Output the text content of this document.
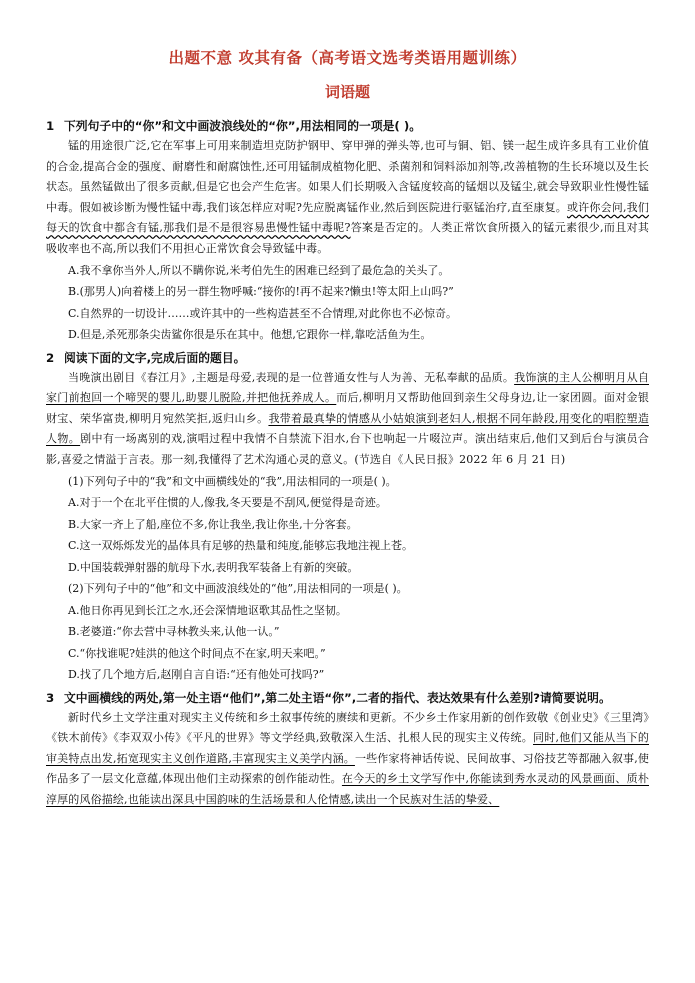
出题不意 攻其有备（高考语文选考类语用题训练）
词语题
1 下列句子中的“你”和文中画波浪线处的“你”,用法相同的一项是( )。
锰的用途很广泛,它在军事上可用来制造坦克防护钢甲、穿甲弹的弹头等,也可与铜、铝、镁一起生成许多具有工业价值的合金,提高合金的强度、耐磨性和耐腐蚀性,还可用锰制成植物化肥、杀菌剂和饲料添加剂等,改善植物的生长环境以及生长状态。虽然锰做出了很多贡献,但是它也会产生危害。如果人们长期吸入含锰度较高的锰烟以及锰尘,就会导致职业性慢性锰中毒。假如被诊断为慢性锰中毒,我们该怎样应对呢?先应脱离锰作业,然后到医院进行驱锰治疗,直至康复。或许你会问,我们每天的饮食中都含有锰,那我们是不是很容易患慢性锰中毒呢?答案是否定的。人类正常饮食所摄入的锰元素很少,而且对其吸收率也不高,所以我们不用担心正常饮食会导致锰中毒。
A.我不拿你当外人,所以不瞒你说,米考伯先生的困难已经到了最危急的关头了。
B.(那男人)向着楼上的另一群生物呼喊:“接你的!再不起来?懒虫!等太阳上山吗?”
C.自然界的一切设计……或许其中的一些构造甚至不合情理,对此你也不必惊奇。
D.但是,杀死那条尖齿鲨你很是乐在其中。他想,它跟你一样,靠吃活鱼为生。
2 阅读下面的文字,完成后面的题目。
当晚演出剧目《春江月》,主题是母爱,表现的是一位普通女性与人为善、无私奉献的品质。我饰演的主人公柳明月从自家门前抱回一个啼哭的婴儿,助婴儿脱险,并把他抚养成人。而后,柳明月又帮助他回到亲生父母身边,让一家团圆。面对金银财宝、荣华富贵,柳明月宛然笑拒,返归山乡。我带着最真挚的情感从小姑娘演到老妇人,根据不同年龄段,用变化的唱腔塑造人物。剧中有一场离别的戏,演唱过程中我情不自禁流下泪水,台下也响起一片啜泣声。演出结束后,他们又到后台与演员合影,喜爱之情溢于言表。那一刻,我懂得了艺术沟通心灵的意义。(节选自《人民日报》2022 年 6 月 21 日)
(1)下列句子中的“我”和文中画横线处的“我”,用法相同的一项是( )。
A.对于一个在北平住惯的人,像我,冬天要是不刮风,便觉得是奇迹。
B.大家一齐上了船,座位不多,你让我坐,我让你坐,十分客套。
C.这一双烁烁发光的晶体具有足够的热量和纯度,能够忘我地注视上苍。
D.中国装载弹射器的航母下水,表明我军装备上有新的突破。
(2)下列句子中的“他”和文中画波浪线处的“他”,用法相同的一项是( )。
A.他日你再见到长江之水,还会深情地讴歌其品性之坚韧。
B.老婆道:“你去营中寻林教头来,认他一认。”
C.“你找谁呢?娃洪的他这个时间点不在家,明天来吧。”
D.找了几个地方后,赵刚自言自语:“还有他处可找吗?”
3 文中画横线的两处,第一处主语“他们”,第二处主语“你”,二者的指代、表达效果有什么差别?请简要说明。
新时代乡土文学注重对现实主义传统和乡土叙事传统的赓续和更新。不少乡土作家用新的创作致敬《创业史》《三里湾》《铁木前传》《李双双小传》《平凡的世界》等文学经典,致敬深入生活、扎根人民的现实主义传统。同时,他们又能从当下的审美特点出发,拓宽现实主义创作道路,丰富现实主义美学内涵。一些作家将神话传说、民间故事、习俗技艺等都融入叙事,使作品多了一层文化意蕴,体现出他们主动探索的创作能动性。在今天的乡土文学写作中,你能读到秀水灵动的风景画面、质朴淳厚的风俗描绘,也能读出深具中国韵味的生活场景和人伦情感,读出一个民族对生活的挚爱、
